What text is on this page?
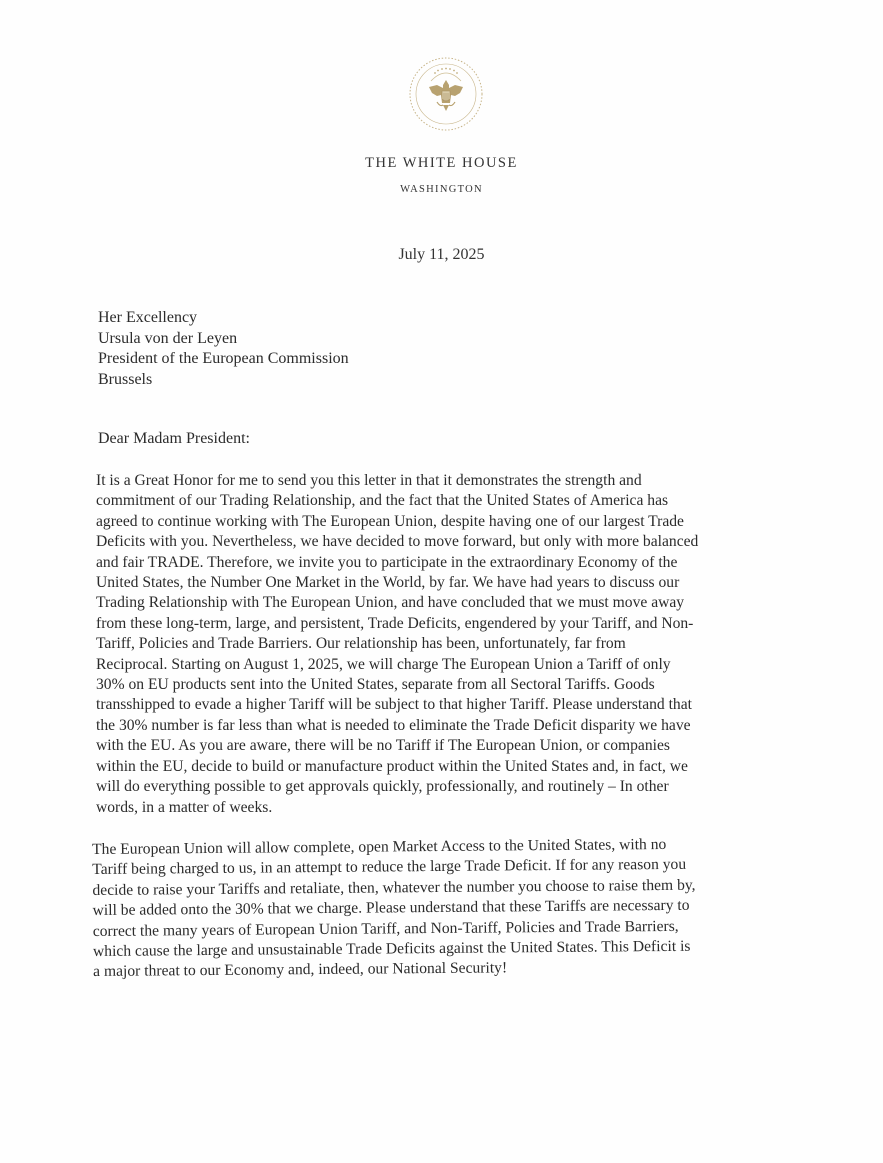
THE WHITE HOUSE
WASHINGTON
July 11, 2025
Her Excellency
Ursula von der Leyen
President of the European Commission
Brussels
Dear Madam President:
It is a Great Honor for me to send you this letter in that it demonstrates the strength and
commitment of our Trading Relationship, and the fact that the United States of America has
agreed to continue working with The European Union, despite having one of our largest Trade
Deficits with you. Nevertheless, we have decided to move forward, but only with more balanced
and fair TRADE. Therefore, we invite you to participate in the extraordinary Economy of the
United States, the Number One Market in the World, by far. We have had years to discuss our
Trading Relationship with The European Union, and have concluded that we must move away
from these long-term, large, and persistent, Trade Deficits, engendered by your Tariff, and Non-
Tariff, Policies and Trade Barriers. Our relationship has been, unfortunately, far from
Reciprocal. Starting on August 1, 2025, we will charge The European Union a Tariff of only
30% on EU products sent into the United States, separate from all Sectoral Tariffs. Goods
transshipped to evade a higher Tariff will be subject to that higher Tariff. Please understand that
the 30% number is far less than what is needed to eliminate the Trade Deficit disparity we have
with the EU. As you are aware, there will be no Tariff if The European Union, or companies
within the EU, decide to build or manufacture product within the United States and, in fact, we
will do everything possible to get approvals quickly, professionally, and routinely – In other
words, in a matter of weeks.
The European Union will allow complete, open Market Access to the United States, with no
Tariff being charged to us, in an attempt to reduce the large Trade Deficit. If for any reason you
decide to raise your Tariffs and retaliate, then, whatever the number you choose to raise them by,
will be added onto the 30% that we charge. Please understand that these Tariffs are necessary to
correct the many years of European Union Tariff, and Non-Tariff, Policies and Trade Barriers,
which cause the large and unsustainable Trade Deficits against the United States. This Deficit is
a major threat to our Economy and, indeed, our National Security!
